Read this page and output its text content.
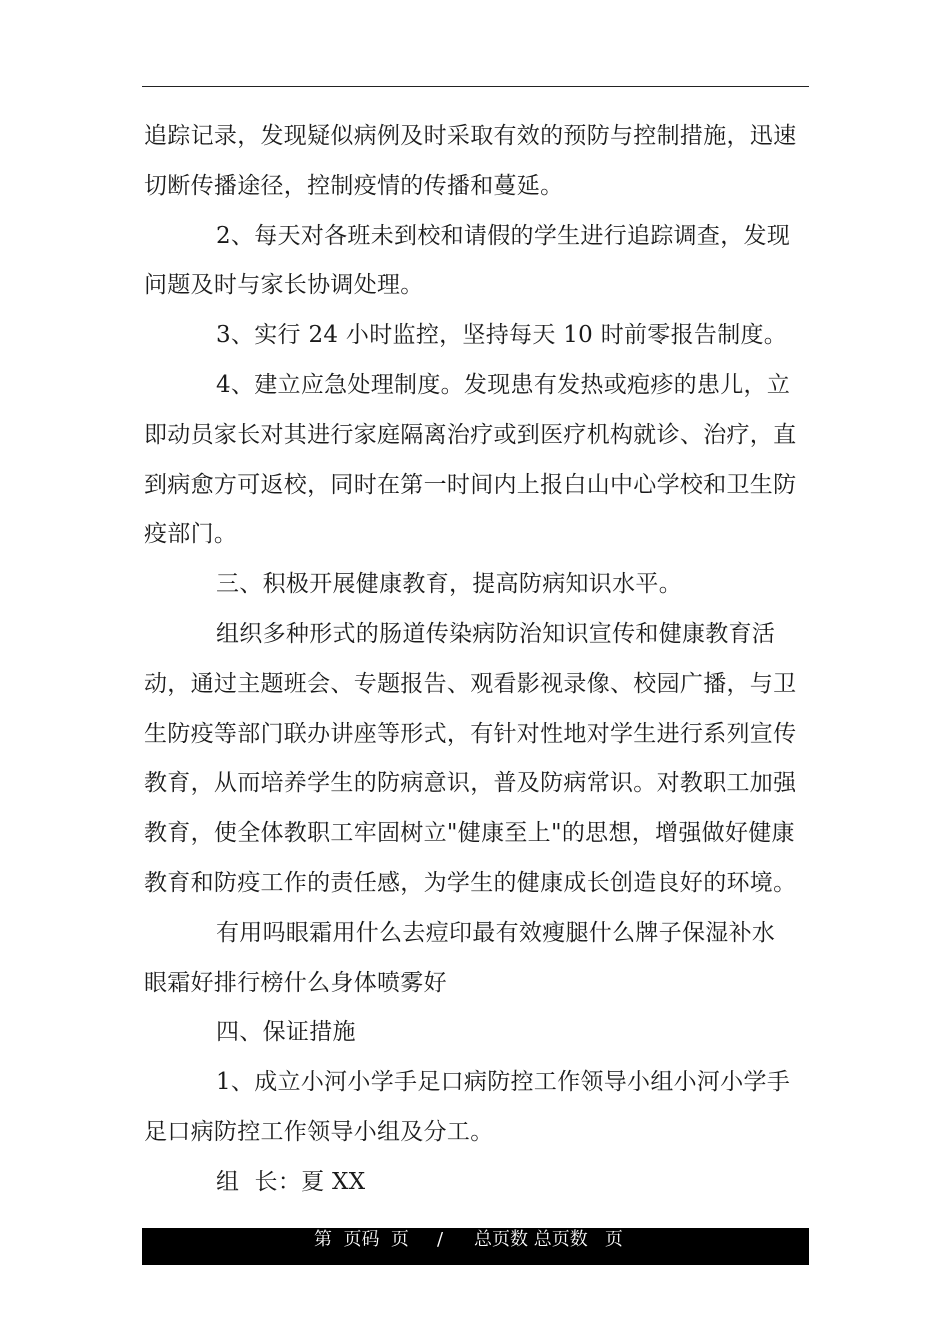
追踪记录，发现疑似病例及时采取有效的预防与控制措施，迅速
切断传播途径，控制疫情的传播和蔓延。
2、每天对各班未到校和请假的学生进行追踪调查，发现
问题及时与家长协调处理。
3、实行 24 小时监控，坚持每天 10 时前零报告制度。
4、建立应急处理制度。发现患有发热或疱疹的患儿，立
即动员家长对其进行家庭隔离治疗或到医疗机构就诊、治疗，直
到病愈方可返校，同时在第一时间内上报白山中心学校和卫生防
疫部门。
三、积极开展健康教育，提高防病知识水平。
组织多种形式的肠道传染病防治知识宣传和健康教育活
动，通过主题班会、专题报告、观看影视录像、校园广播，与卫
生防疫等部门联办讲座等形式，有针对性地对学生进行系列宣传
教育，从而培养学生的防病意识，普及防病常识。对教职工加强
教育，使全体教职工牢固树立"健康至上"的思想，增强做好健康
教育和防疫工作的责任感，为学生的健康成长创造良好的环境。
有用吗眼霜用什么去痘印最有效瘦腿什么牌子保湿补水
眼霜好排行榜什么身体喷雾好
四、保证措施
1、成立小河小学手足口病防控工作领导小组小河小学手
足口病防控工作领导小组及分工。
组  长：夏 XX
第  页码  页 / 总页数 总页数   页
